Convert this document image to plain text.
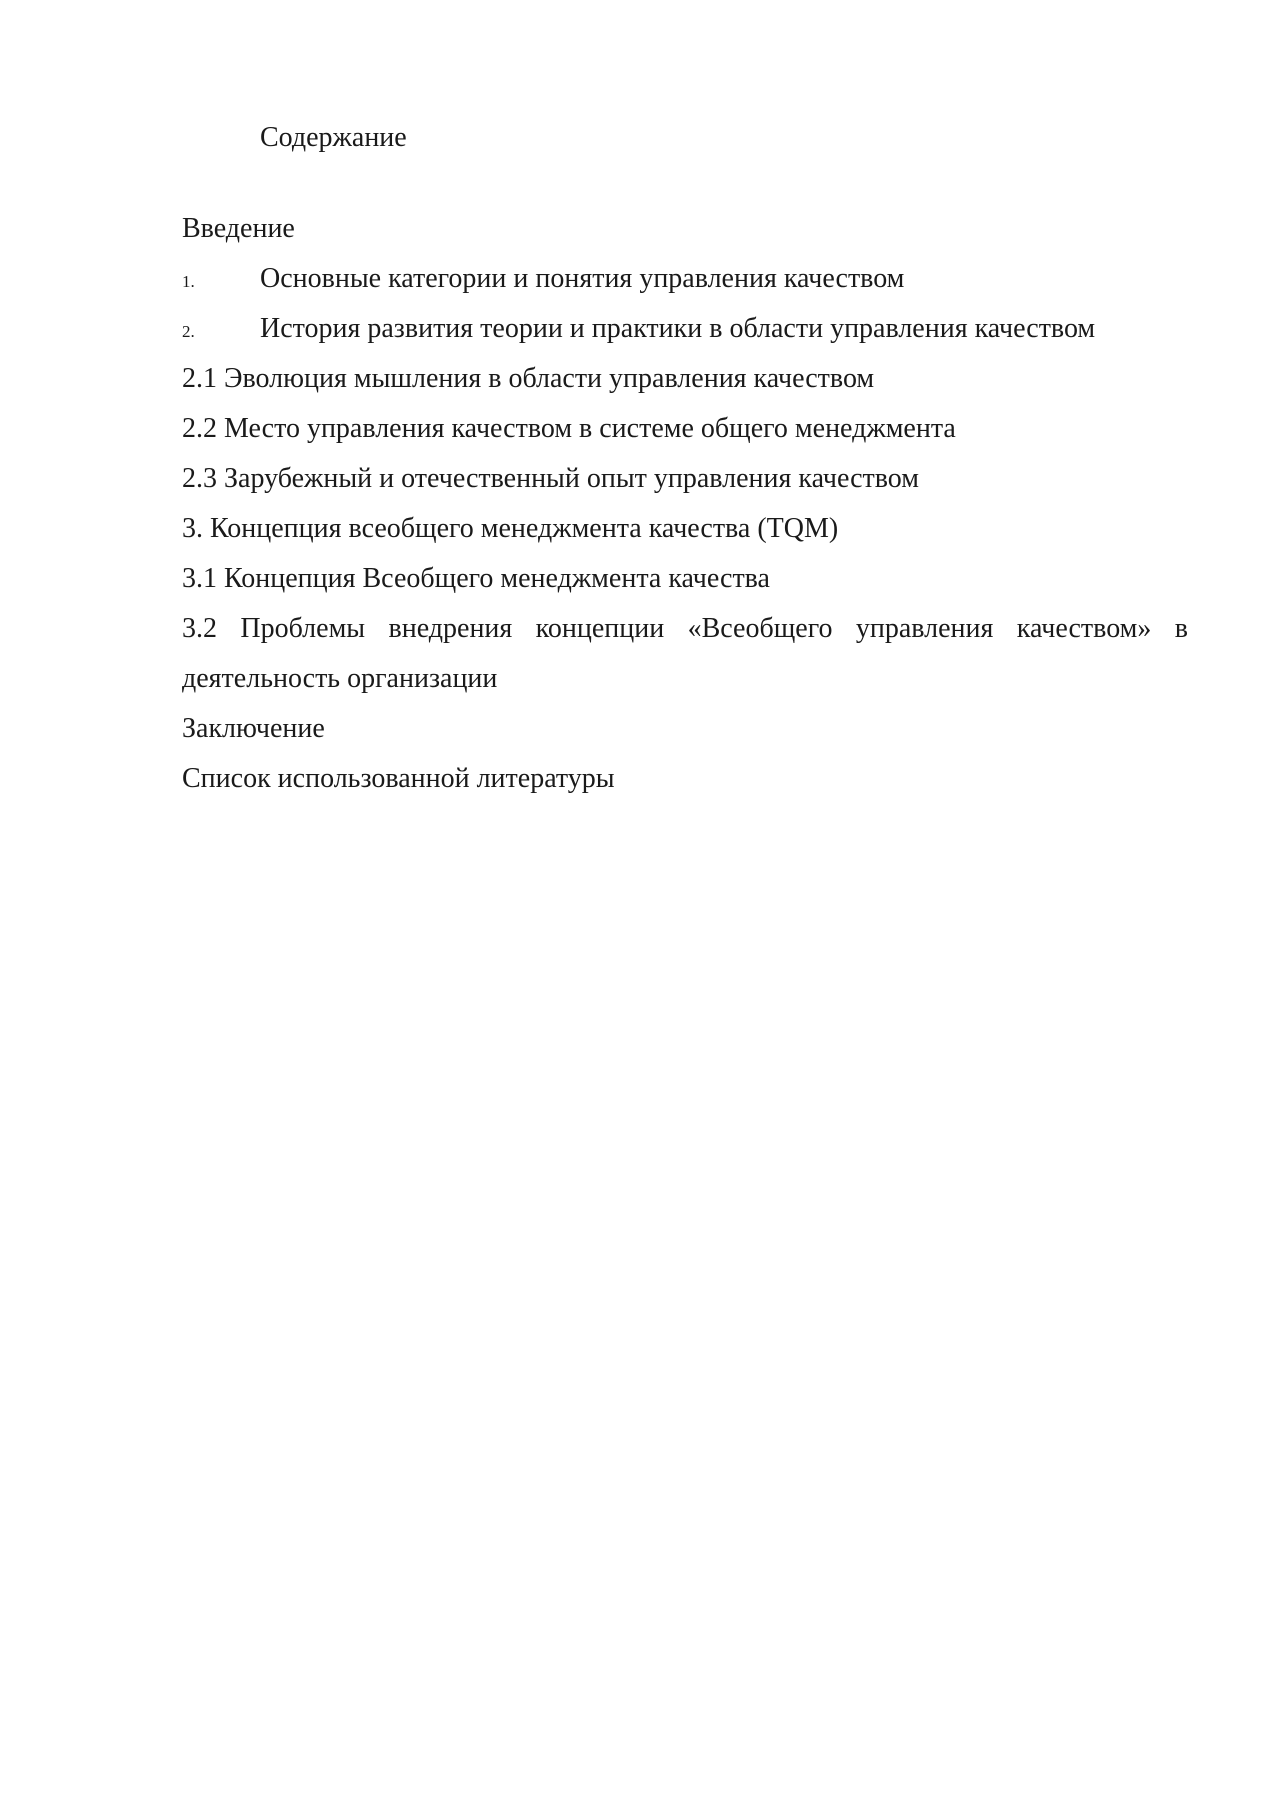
Содержание
Введение
1. Основные категории и понятия управления качеством
2. История развития теории и практики в области управления качеством
2.1 Эволюция мышления в области управления качеством
2.2 Место управления качеством в системе общего менеджмента
2.3 Зарубежный и отечественный опыт управления качеством
3. Концепция всеобщего менеджмента качества (TQM)
3.1 Концепция Всеобщего менеджмента качества
3.2 Проблемы внедрения концепции «Всеобщего управления качеством» в деятельность организации
Заключение
Список использованной литературы
